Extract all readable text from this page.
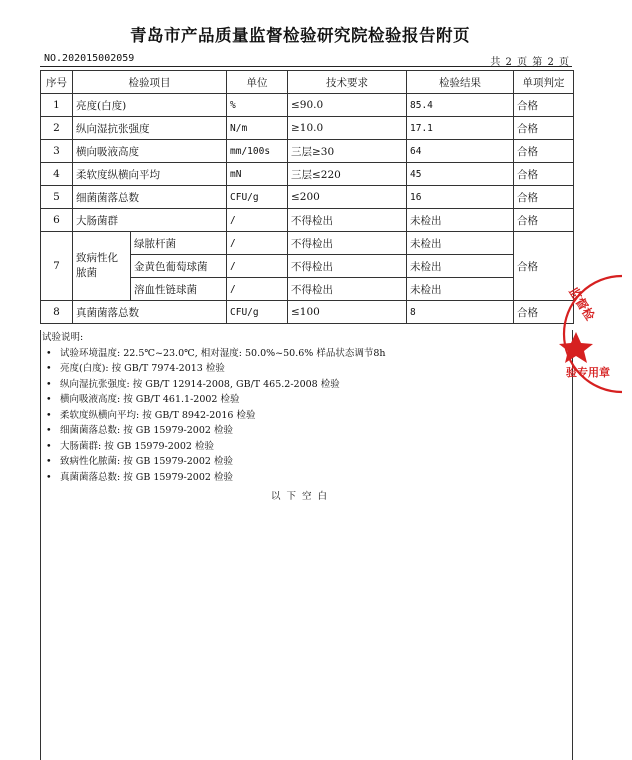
青岛市产品质量监督检验研究院检验报告附页
NO.202015002059	共 2 页 第 2 页
序号	检验项目		单位	技术要求	检验结果	单项判定
1	亮度(白度)		%	≤90.0	85.4	合格
2	纵向湿抗张强度		N/m	≥10.0	17.1	合格
3	横向吸液高度		mm/100s	三层≥30	64	合格
4	柔软度纵横向平均		mN	三层≤220	45	合格
5	细菌菌落总数		CFU/g	≤200	16	合格
6	大肠菌群		/	不得检出	未检出	合格
7	致病性化脓菌	绿脓杆菌	/	不得检出	未检出	合格
		金黄色葡萄球菌	/	不得检出	未检出	
		溶血性链球菌	/	不得检出	未检出	
8	真菌菌落总数		CFU/g	≤100	8	合格
试验说明:
• 试验环境温度: 22.5℃~23.0℃, 相对湿度: 50.0%~50.6% 样品状态调节8h
• 亮度(白度): 按 GB/T 7974-2013 检验
• 纵向湿抗张强度: 按 GB/T 12914-2008, GB/T 465.2-2008 检验
• 横向吸液高度: 按 GB/T 461.1-2002 检验
• 柔软度纵横向平均: 按 GB/T 8942-2016 检验
• 细菌菌落总数: 按 GB 15979-2002 检验
• 大肠菌群: 按 GB 15979-2002 检验
• 致病性化脓菌: 按 GB 15979-2002 检验
• 真菌菌落总数: 按 GB 15979-2002 检验
以下空白
监督检
验专用章
